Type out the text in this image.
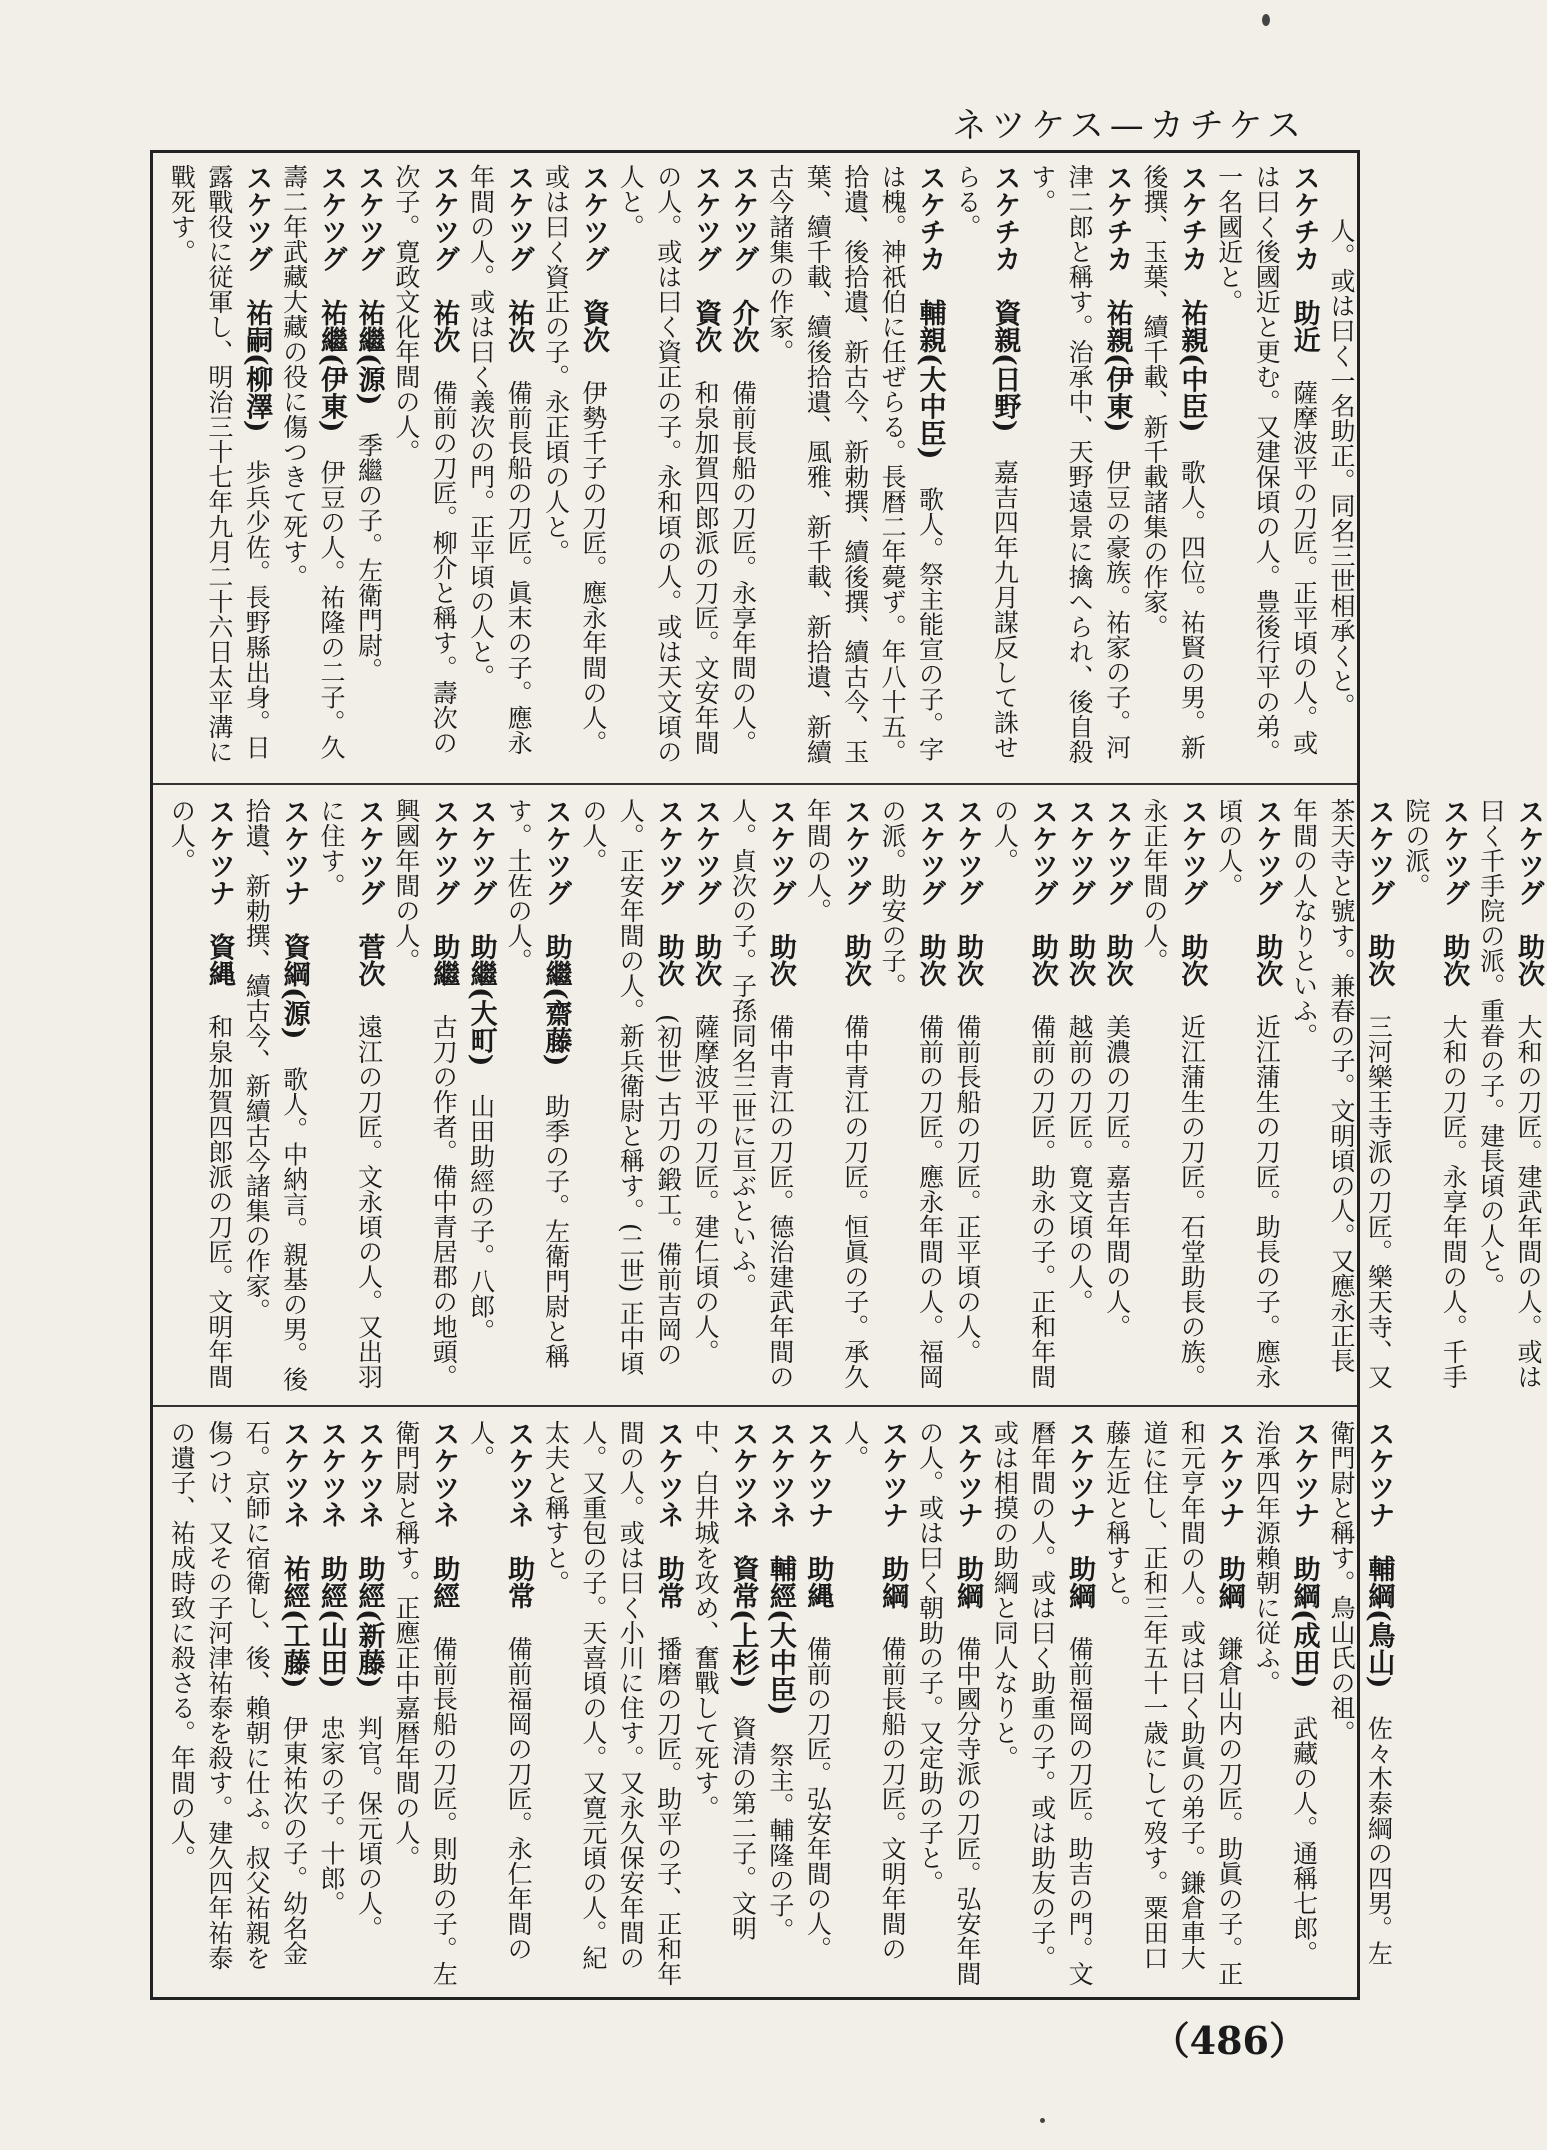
ネツケス—カチケス

　　人。或は曰く一名助正。同名三世相承くと。

スケチカ　助近　薩摩波平の刀匠。正平頃の人。或は曰く後國近と更む。又建保頃の人。豊後行平の弟。一名國近と。

スケチカ　祐親(中臣)　歌人。四位。祐賢の男。新後撰、玉葉、續千載、新千載諸集の作家。

スケチカ　祐親(伊東)　伊豆の豪族。祐家の子。河津二郎と稱す。治承中、天野遠景に擒へられ、後自殺す。

スケチカ　資親(日野)　嘉吉四年九月謀反して誅せらる。

スケチカ　輔親(大中臣)　歌人。祭主能宣の子。字は槐。神祇伯に任ぜらる。長暦二年薨ず。年八十五。拾遺、後拾遺、新古今、新勅撰、續後撰、續古今、玉葉、續千載、續後拾遺、風雅、新千載、新拾遺、新續古今諸集の作家。

スケツグ　介次　備前長船の刀匠。永享年間の人。

スケツグ　資次　和泉加賀四郎派の刀匠。文安年間の人。或は曰く資正の子。永和頃の人。或は天文頃の人と。

スケツグ　資次　伊勢千子の刀匠。應永年間の人。或は曰く資正の子。永正頃の人と。

スケツグ　祐次　備前長船の刀匠。眞末の子。應永年間の人。或は曰く義次の門。正平頃の人と。

スケツグ　祐次　備前の刀匠。柳介と稱す。壽次の次子。寛政文化年間の人。

スケツグ　祐繼(源)　季繼の子。左衛門尉。

スケツグ　祐繼(伊東)　伊豆の人。祐隆の二子。久壽二年武藏大藏の役に傷つきて死す。

スケツグ　祐嗣(柳澤)　歩兵少佐。長野縣出身。日露戰役に従軍し、明治三十七年九月二十六日太平溝に戰死す。

スケツグ　助次　大和の刀匠。建武年間の人。或は曰く千手院の派。重眷の子。建長頃の人と。

スケツグ　助次　大和の刀匠。永享年間の人。千手院の派。

スケツグ　助次　三河樂王寺派の刀匠。樂天寺、又茶天寺と號す。兼春の子。文明頃の人。又應永正長年間の人なりといふ。

スケツグ　助次　近江蒲生の刀匠。助長の子。應永頃の人。

スケツグ　助次　近江蒲生の刀匠。石堂助長の族。永正年間の人。

スケツグ　助次　美濃の刀匠。嘉吉年間の人。

スケツグ　助次　越前の刀匠。寛文頃の人。

スケツグ　助次　備前の刀匠。助永の子。正和年間の人。

スケツグ　助次　備前長船の刀匠。正平頃の人。

スケツグ　助次　備前の刀匠。應永年間の人。福岡の派。助安の子。

スケツグ　助次　備中青江の刀匠。恒眞の子。承久年間の人。

スケツグ　助次　備中青江の刀匠。德治建武年間の人。貞次の子。子孫同名三世に亘ぶといふ。

スケツグ　助次　薩摩波平の刀匠。建仁頃の人。

スケツグ　助次　(初世) 古刀の鍛工。備前吉岡の人。正安年間の人。新兵衛尉と稱す。(二世) 正中頃の人。

スケツグ　助繼(齋藤)　助季の子。左衛門尉と稱す。土佐の人。

スケツグ　助繼(大町)　山田助經の子。八郎。

スケツグ　助繼　古刀の作者。備中青居郡の地頭。興國年間の人。

スケツグ　菅次　遠江の刀匠。文永頃の人。又出羽に住す。

スケツナ　資綱(源)　歌人。中納言。親基の男。後拾遺、新勅撰、續古今、新續古今諸集の作家。

スケツナ　資縄　和泉加賀四郎派の刀匠。文明年間の人。

スケツナ　輔綱(鳥山)　佐々木泰綱の四男。左衛門尉と稱す。鳥山氏の祖。

スケツナ　助綱(成田)　武藏の人。通稱七郎。治承四年源賴朝に従ふ。

スケツナ　助綱　鎌倉山内の刀匠。助眞の子。正和元亨年間の人。或は曰く助眞の弟子。鎌倉車大道に住し、正和三年五十一歳にして歿す。粟田口藤左近と稱すと。

スケツナ　助綱　備前福岡の刀匠。助吉の門。文曆年間の人。或は曰く助重の子。或は助友の子。或は相摸の助綱と同人なりと。

スケツナ　助綱　備中國分寺派の刀匠。弘安年間の人。或は曰く朝助の子。又定助の子と。

スケツナ　助綱　備前長船の刀匠。文明年間の人。

スケツナ　助縄　備前の刀匠。弘安年間の人。

スケツネ　輔經(大中臣)　祭主。輔隆の子。

スケツネ　資常(上杉)　資清の第二子。文明中、白井城を攻め、奮戰して死す。

スケツネ　助常　播磨の刀匠。助平の子、正和年間の人。或は曰く小川に住す。又永久保安年間の人。又重包の子。天喜頃の人。又寛元頃の人。紀太夫と稱すと。

スケツネ　助常　備前福岡の刀匠。永仁年間の人。

スケツネ　助經　備前長船の刀匠。則助の子。左衛門尉と稱す。正應正中嘉暦年間の人。

スケツネ　助經(新藤)　判官。保元頃の人。

スケツネ　助經(山田)　忠家の子。十郎。

スケツネ　祐經(工藤)　伊東祐次の子。幼名金石。京師に宿衛し、後、賴朝に仕ふ。叔父祐親を傷つけ、又その子河津祐泰を殺す。建久四年祐泰の遺子、祐成時致に殺さる。年間の人。

（486）
